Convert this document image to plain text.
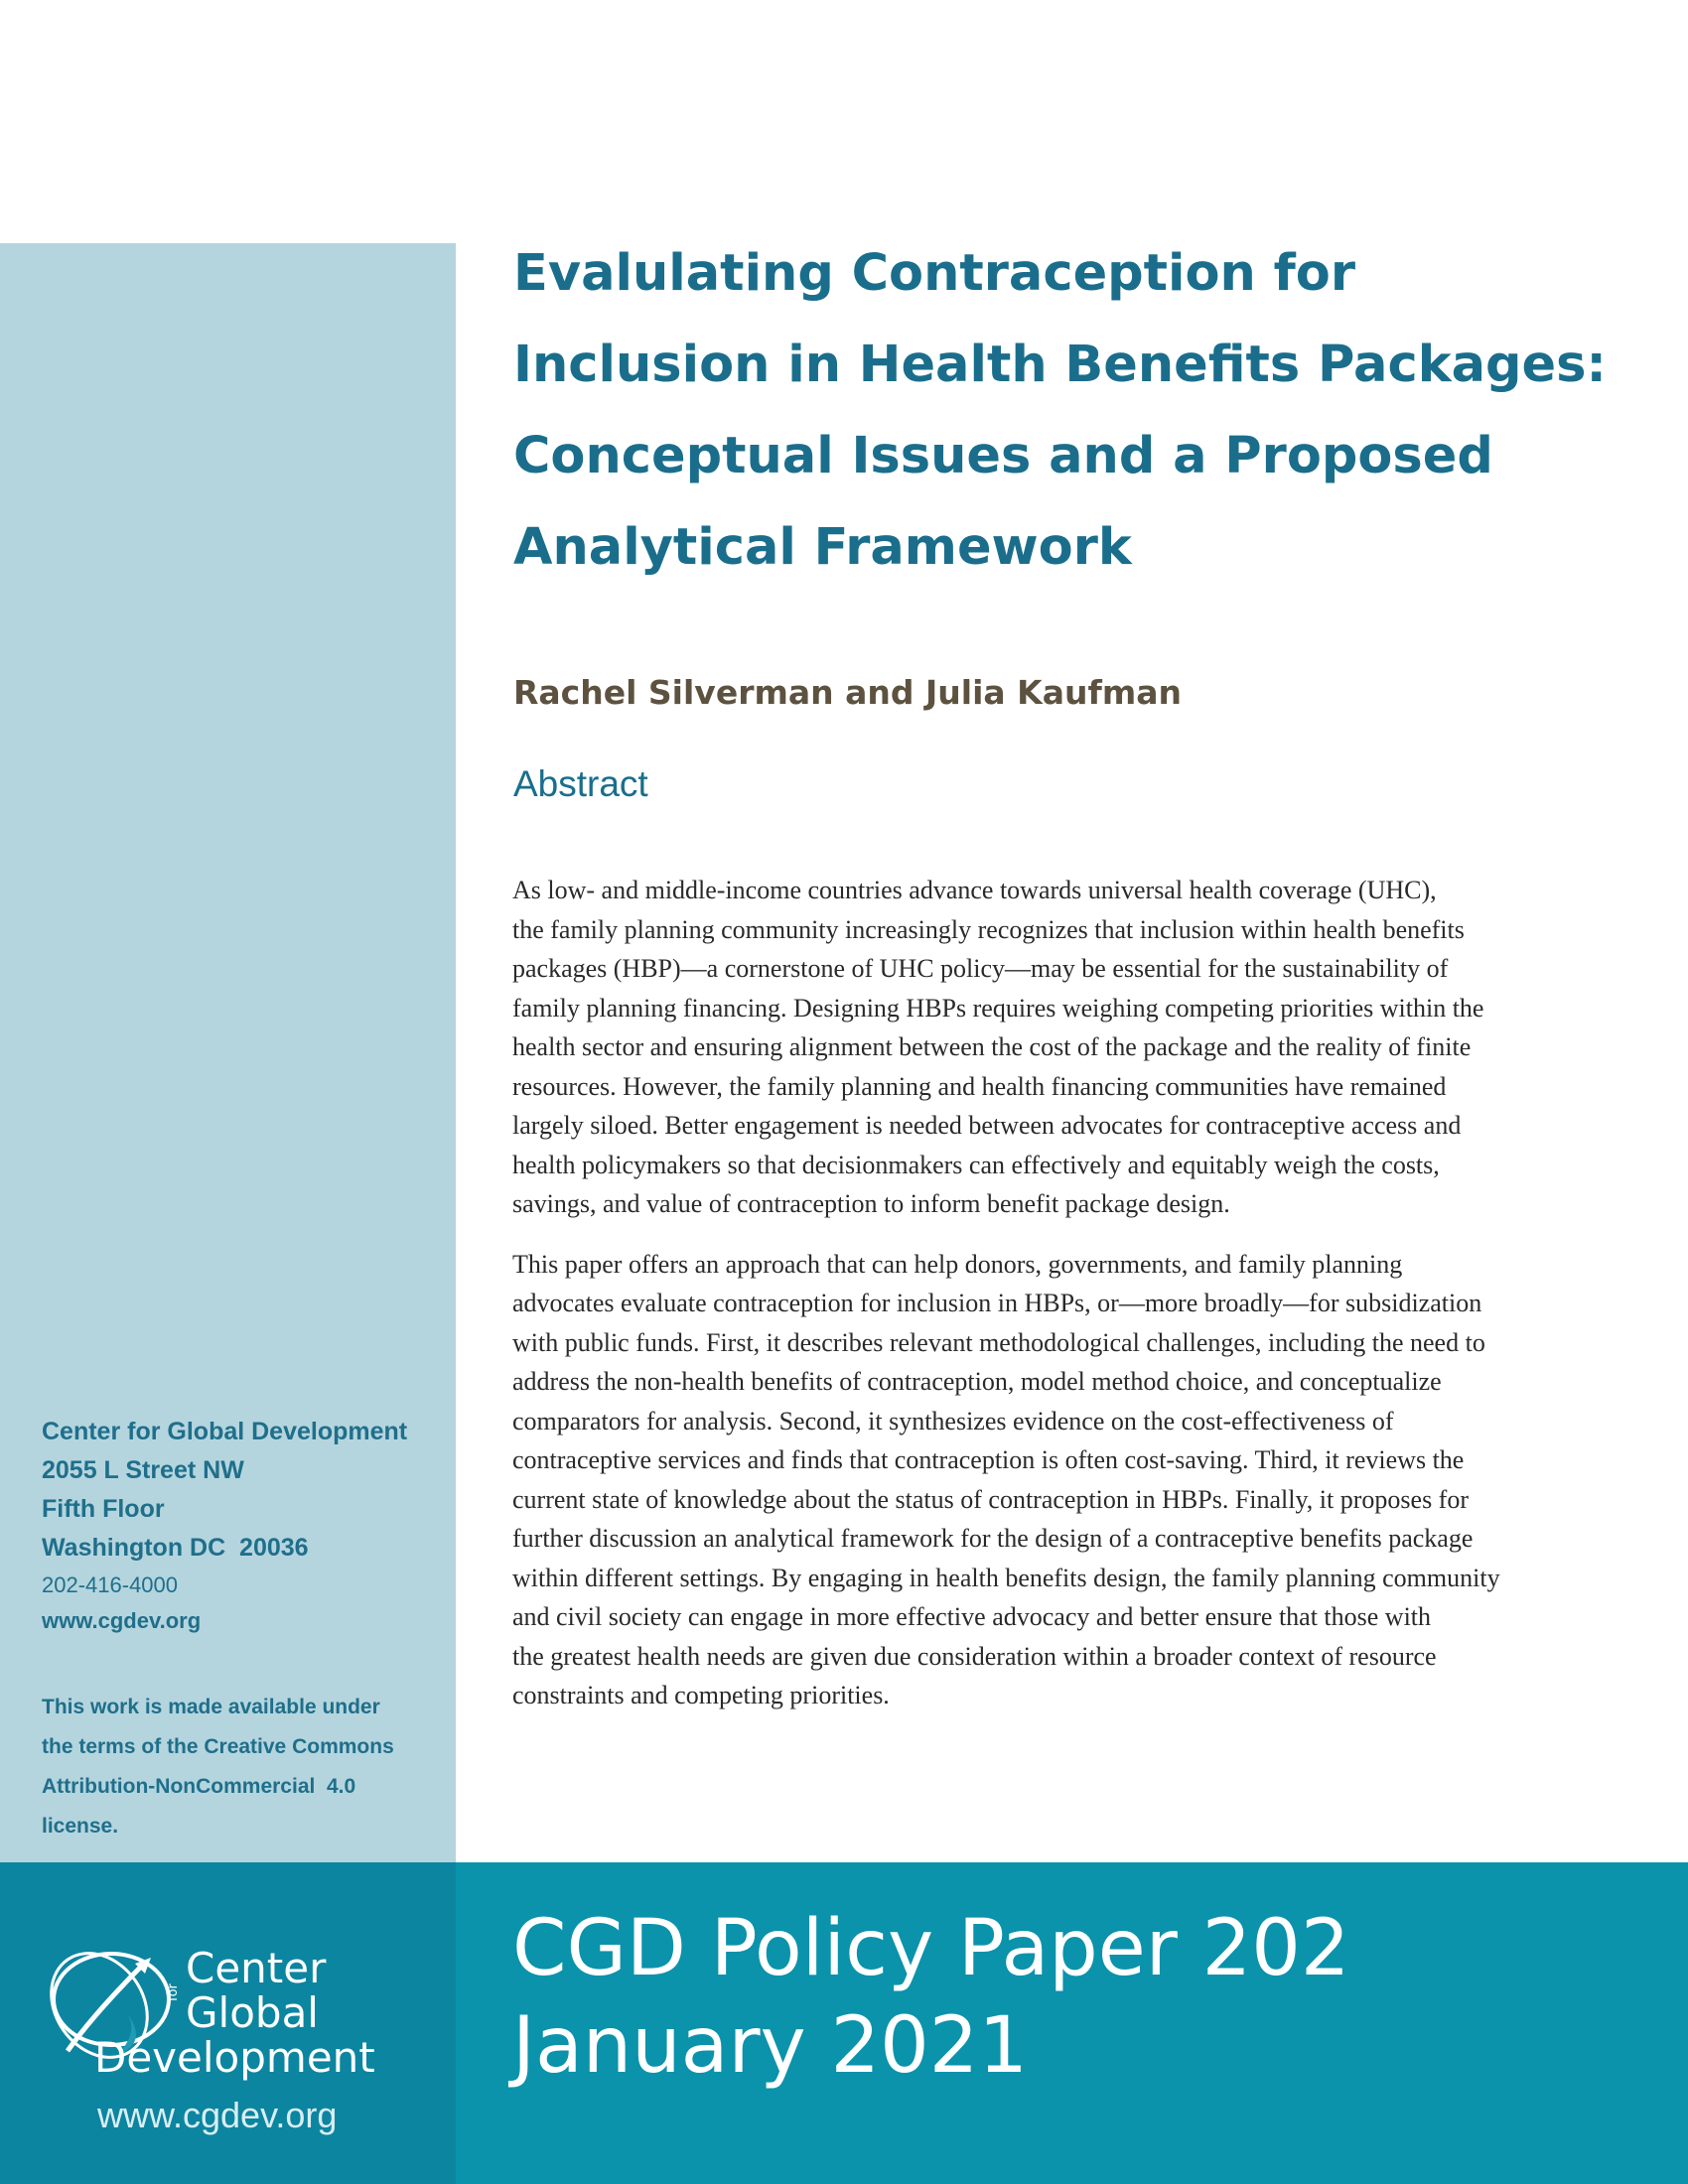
Center for Global Development
2055 L Street NW
Fifth Floor
Washington DC  20036
202-416-4000
www.cgdev.org
This work is made available under
the terms of the Creative Commons
Attribution-NonCommercial  4.0
license.
Evalulating Contraception for
Inclusion in Health Benefits Packages:
Conceptual Issues and a Proposed
Analytical Framework
Rachel Silverman and Julia Kaufman
Abstract

As low- and middle-income countries advance towards universal health coverage (UHC),
the family planning community increasingly recognizes that inclusion within health benefits
packages (HBP)—a cornerstone of UHC policy—may be essential for the sustainability of
family planning financing. Designing HBPs requires weighing competing priorities within the
health sector and ensuring alignment between the cost of the package and the reality of finite
resources. However, the family planning and health financing communities have remained
largely siloed. Better engagement is needed between advocates for contraceptive access and
health policymakers so that decisionmakers can effectively and equitably weigh the costs,
savings, and value of contraception to inform benefit package design.

This paper offers an approach that can help donors, governments, and family planning
advocates evaluate contraception for inclusion in HBPs, or—more broadly—for subsidization
with public funds. First, it describes relevant methodological challenges, including the need to
address the non-health benefits of contraception, model method choice, and conceptualize
comparators for analysis. Second, it synthesizes evidence on the cost-effectiveness of
contraceptive services and finds that contraception is often cost-saving. Third, it reviews the
current state of knowledge about the status of contraception in HBPs. Finally, it proposes for
further discussion an analytical framework for the design of a contraceptive benefits package
within different settings. By engaging in health benefits design, the family planning community
and civil society can engage in more effective advocacy and better ensure that those with
the greatest health needs are given due consideration within a broader context of resource
constraints and competing priorities.

Center
for Global
Development
www.cgdev.org
CGD Policy Paper 202
January 2021
